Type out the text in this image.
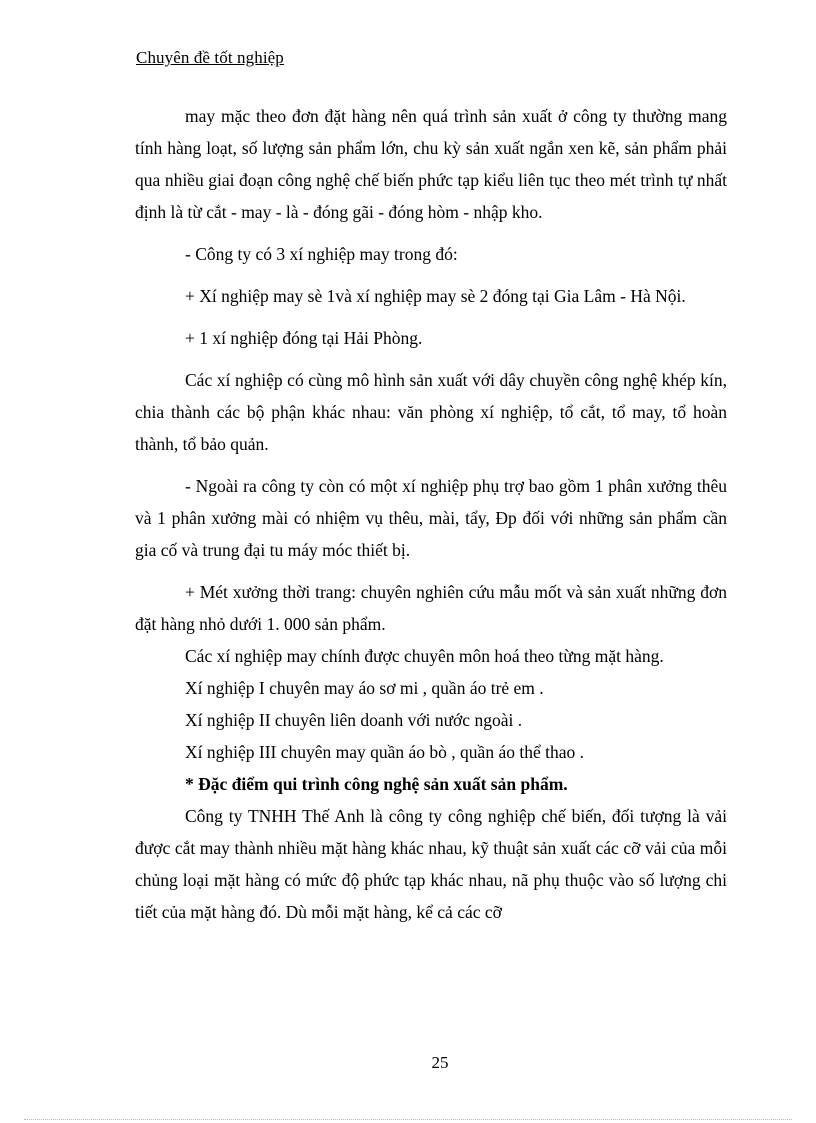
Chuyên đề tốt nghiệp

may mặc theo đơn đặt hàng nên quá trình sản xuất ở công ty thường mang tính hàng loạt, số lượng sản phẩm lớn, chu kỳ sản xuất ngắn xen kẽ, sản phẩm phải qua nhiều giai đoạn công nghệ chế biến phức tạp kiểu liên tục theo mét trình tự nhất định là từ cắt - may - là - đóng gãi - đóng hòm - nhập kho.

- Công ty có 3 xí nghiệp may trong đó:

+ Xí nghiệp may sè 1và xí nghiệp may sè 2 đóng tại Gia Lâm - Hà Nội.

+ 1 xí nghiệp đóng tại Hải Phòng.

Các xí nghiệp có cùng mô hình sản xuất với dây chuyền công nghệ khép kín, chia thành các bộ phận khác nhau: văn phòng xí nghiệp, tổ cắt, tổ may, tổ hoàn thành, tổ bảo quản.

- Ngoài ra công ty còn có một xí nghiệp phụ trợ bao gồm 1 phân xưởng thêu và 1 phân xưởng mài có nhiệm vụ thêu, mài, tẩy, Đp đối với những sản phẩm cần gia cố và trung đại tu máy móc thiết bị.

+ Mét xưởng thời trang: chuyên nghiên cứu mẫu mốt và sản xuất những đơn đặt hàng nhỏ dưới 1. 000 sản phẩm.

Các xí nghiệp may chính được chuyên môn hoá theo từng mặt hàng.

Xí nghiệp I chuyên may áo sơ mi , quần áo trẻ em .

Xí nghiệp II chuyên liên doanh với nước ngoài .

Xí nghiệp III chuyên may quần áo bò , quần áo thể thao .

* Đặc điểm qui trình công nghệ sản xuất sản phẩm.

Công ty TNHH Thế Anh là công ty công nghiệp chế biến, đối tượng là vải được cắt may thành nhiều mặt hàng khác nhau, kỹ thuật sản xuất các cỡ vải của mỗi chủng loại mặt hàng có mức độ phức tạp khác nhau, nã phụ thuộc vào số lượng chi tiết của mặt hàng đó. Dù mỗi mặt hàng, kể cả các cỡ

25
